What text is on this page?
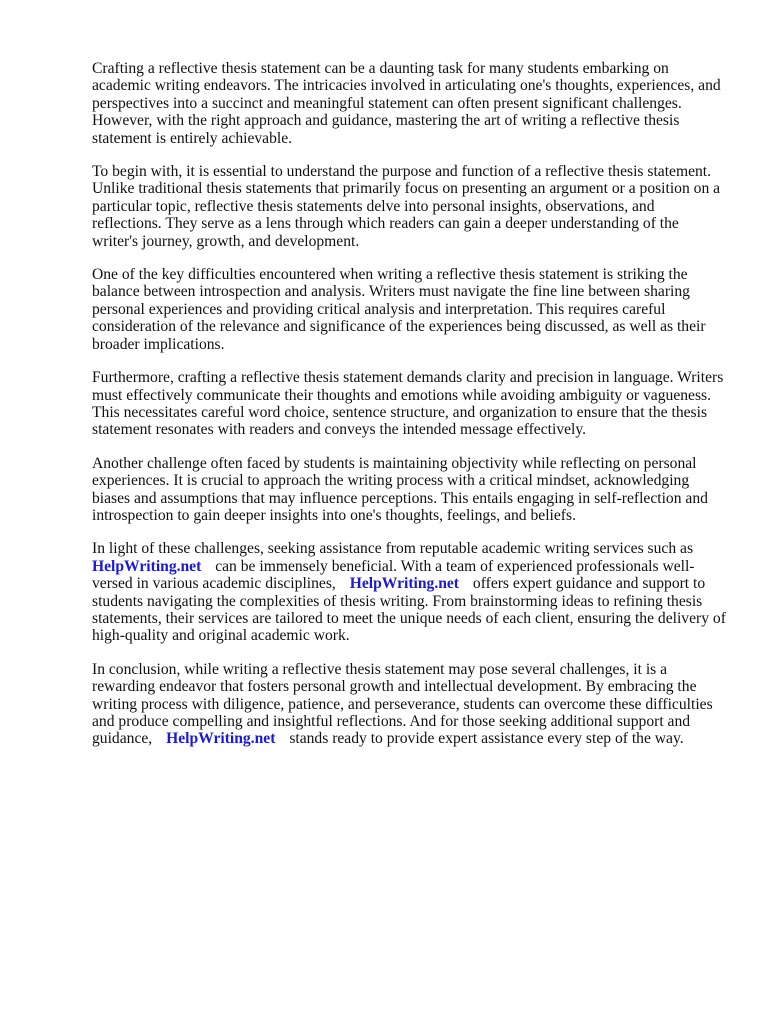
Crafting a reflective thesis statement can be a daunting task for many students embarking on academic writing endeavors. The intricacies involved in articulating one's thoughts, experiences, and perspectives into a succinct and meaningful statement can often present significant challenges. However, with the right approach and guidance, mastering the art of writing a reflective thesis statement is entirely achievable.

To begin with, it is essential to understand the purpose and function of a reflective thesis statement. Unlike traditional thesis statements that primarily focus on presenting an argument or a position on a particular topic, reflective thesis statements delve into personal insights, observations, and reflections. They serve as a lens through which readers can gain a deeper understanding of the writer's journey, growth, and development.

One of the key difficulties encountered when writing a reflective thesis statement is striking the balance between introspection and analysis. Writers must navigate the fine line between sharing personal experiences and providing critical analysis and interpretation. This requires careful consideration of the relevance and significance of the experiences being discussed, as well as their broader implications.

Furthermore, crafting a reflective thesis statement demands clarity and precision in language. Writers must effectively communicate their thoughts and emotions while avoiding ambiguity or vagueness. This necessitates careful word choice, sentence structure, and organization to ensure that the thesis statement resonates with readers and conveys the intended message effectively.

Another challenge often faced by students is maintaining objectivity while reflecting on personal experiences. It is crucial to approach the writing process with a critical mindset, acknowledging biases and assumptions that may influence perceptions. This entails engaging in self-reflection and introspection to gain deeper insights into one's thoughts, feelings, and beliefs.

In light of these challenges, seeking assistance from reputable academic writing services such as HelpWriting.net can be immensely beneficial. With a team of experienced professionals well-versed in various academic disciplines, HelpWriting.net offers expert guidance and support to students navigating the complexities of thesis writing. From brainstorming ideas to refining thesis statements, their services are tailored to meet the unique needs of each client, ensuring the delivery of high-quality and original academic work.

In conclusion, while writing a reflective thesis statement may pose several challenges, it is a rewarding endeavor that fosters personal growth and intellectual development. By embracing the writing process with diligence, patience, and perseverance, students can overcome these difficulties and produce compelling and insightful reflections. And for those seeking additional support and guidance, HelpWriting.net stands ready to provide expert assistance every step of the way.
